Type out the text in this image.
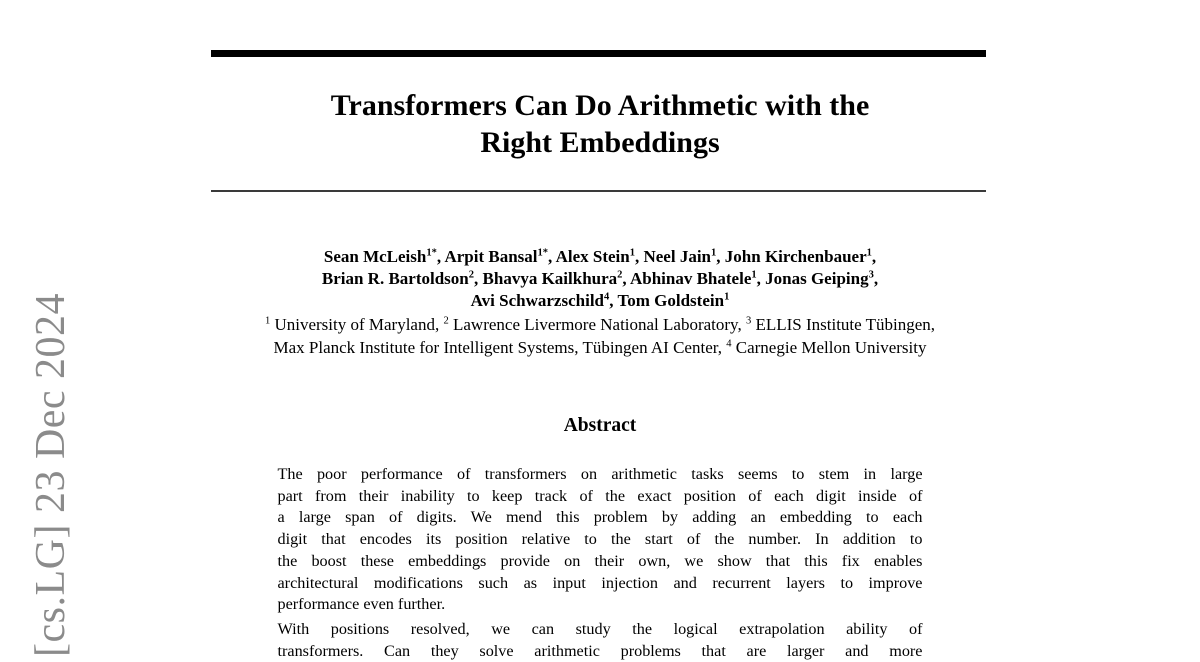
[cs.LG] 23 Dec 2024
Transformers Can Do Arithmetic with the
Right Embeddings
Sean McLeish$^{1*}$, Arpit Bansal$^{1*}$, Alex Stein$^1$, Neel Jain$^1$, John Kirchenbauer$^1$,
Brian R. Bartoldson$^2$, Bhavya Kailkhura$^2$, Abhinav Bhatele$^1$, Jonas Geiping$^3$,
Avi Schwarzschild$^4$, Tom Goldstein$^1$
$^1$ University of Maryland, $^2$ Lawrence Livermore National Laboratory, $^3$ ELLIS Institute Tübingen,
Max Planck Institute for Intelligent Systems, Tübingen AI Center, $^4$ Carnegie Mellon University
Abstract
The poor performance of transformers on arithmetic tasks seems to stem in large
part from their inability to keep track of the exact position of each digit inside of
a large span of digits. We mend this problem by adding an embedding to each
digit that encodes its position relative to the start of the number. In addition to
the boost these embeddings provide on their own, we show that this fix enables
architectural modifications such as input injection and recurrent layers to improve
performance even further.
With positions resolved, we can study the logical extrapolation ability of
transformers. Can they solve arithmetic problems that are larger and more
